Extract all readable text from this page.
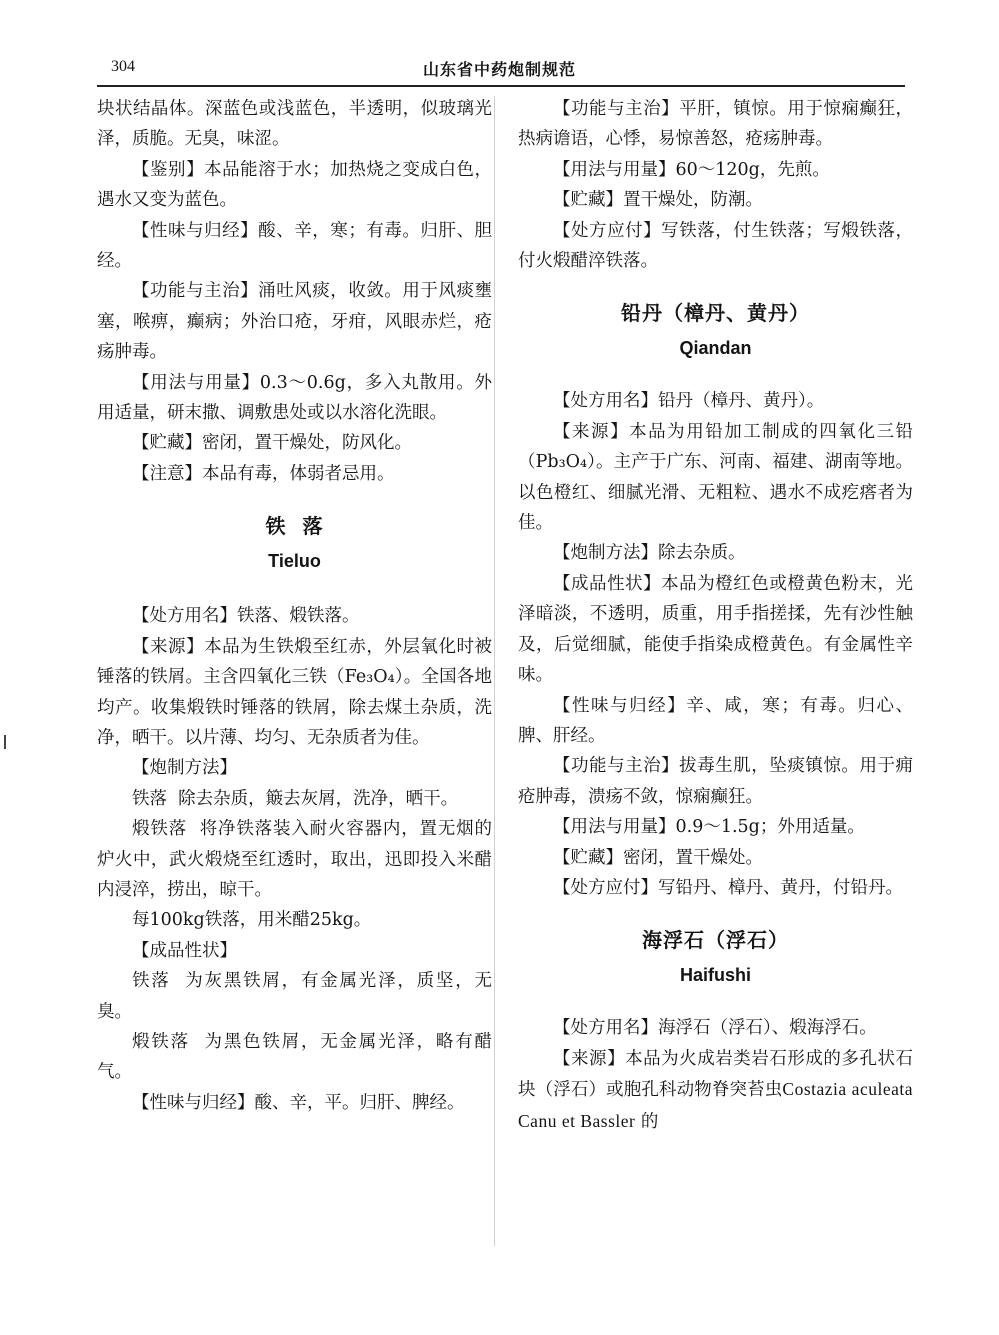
304	山东省中药炮制规范

块状结晶体。深蓝色或浅蓝色，半透明，似玻璃光泽，质脆。无臭，味涩。

【鉴别】本品能溶于水；加热烧之变成白色，遇水又变为蓝色。

【性味与归经】酸、辛，寒；有毒。归肝、胆经。

【功能与主治】涌吐风痰，收敛。用于风痰壅塞，喉痹，癫病；外治口疮，牙疳，风眼赤烂，疮疡肿毒。

【用法与用量】0.3～0.6g，多入丸散用。外用适量，研末撒、调敷患处或以水溶化洗眼。

【贮藏】密闭，置干燥处，防风化。

【注意】本品有毒，体弱者忌用。

铁  落
Tieluo

【处方用名】铁落、煅铁落。

【来源】本品为生铁煅至红赤，外层氧化时被锤落的铁屑。主含四氧化三铁（Fe₃O₄）。全国各地均产。收集煅铁时锤落的铁屑，除去煤土杂质，洗净，晒干。以片薄、均匀、无杂质者为佳。

【炮制方法】

铁落  除去杂质，簸去灰屑，洗净，晒干。

煅铁落  将净铁落装入耐火容器内，置无烟的炉火中，武火煅烧至红透时，取出，迅即投入米醋内浸淬，捞出，晾干。

每100kg铁落，用米醋25kg。

【成品性状】

铁落  为灰黑铁屑，有金属光泽，质坚，无臭。

煅铁落  为黑色铁屑，无金属光泽，略有醋气。

【性味与归经】酸、辛，平。归肝、脾经。

【功能与主治】平肝，镇惊。用于惊痫癫狂，热病谵语，心悸，易惊善怒，疮疡肿毒。

【用法与用量】60～120g，先煎。

【贮藏】置干燥处，防潮。

【处方应付】写铁落，付生铁落；写煅铁落，付火煅醋淬铁落。

铅丹（樟丹、黄丹）
Qiandan

【处方用名】铅丹（樟丹、黄丹）。

【来源】本品为用铅加工制成的四氧化三铅（Pb₃O₄）。主产于广东、河南、福建、湖南等地。以色橙红、细腻光滑、无粗粒、遇水不成疙瘩者为佳。

【炮制方法】除去杂质。

【成品性状】本品为橙红色或橙黄色粉末，光泽暗淡，不透明，质重，用手指搓揉，先有沙性触及，后觉细腻，能使手指染成橙黄色。有金属性辛味。

【性味与归经】辛、咸，寒；有毒。归心、脾、肝经。

【功能与主治】拔毒生肌，坠痰镇惊。用于痈疮肿毒，溃疡不敛，惊痫癫狂。

【用法与用量】0.9～1.5g；外用适量。

【贮藏】密闭，置干燥处。

【处方应付】写铅丹、樟丹、黄丹，付铅丹。

海浮石（浮石）
Haifushi

【处方用名】海浮石（浮石）、煅海浮石。

【来源】本品为火成岩类岩石形成的多孔状石块（浮石）或胞孔科动物脊突苔虫Costazia aculeata Canu et Bassler 的
